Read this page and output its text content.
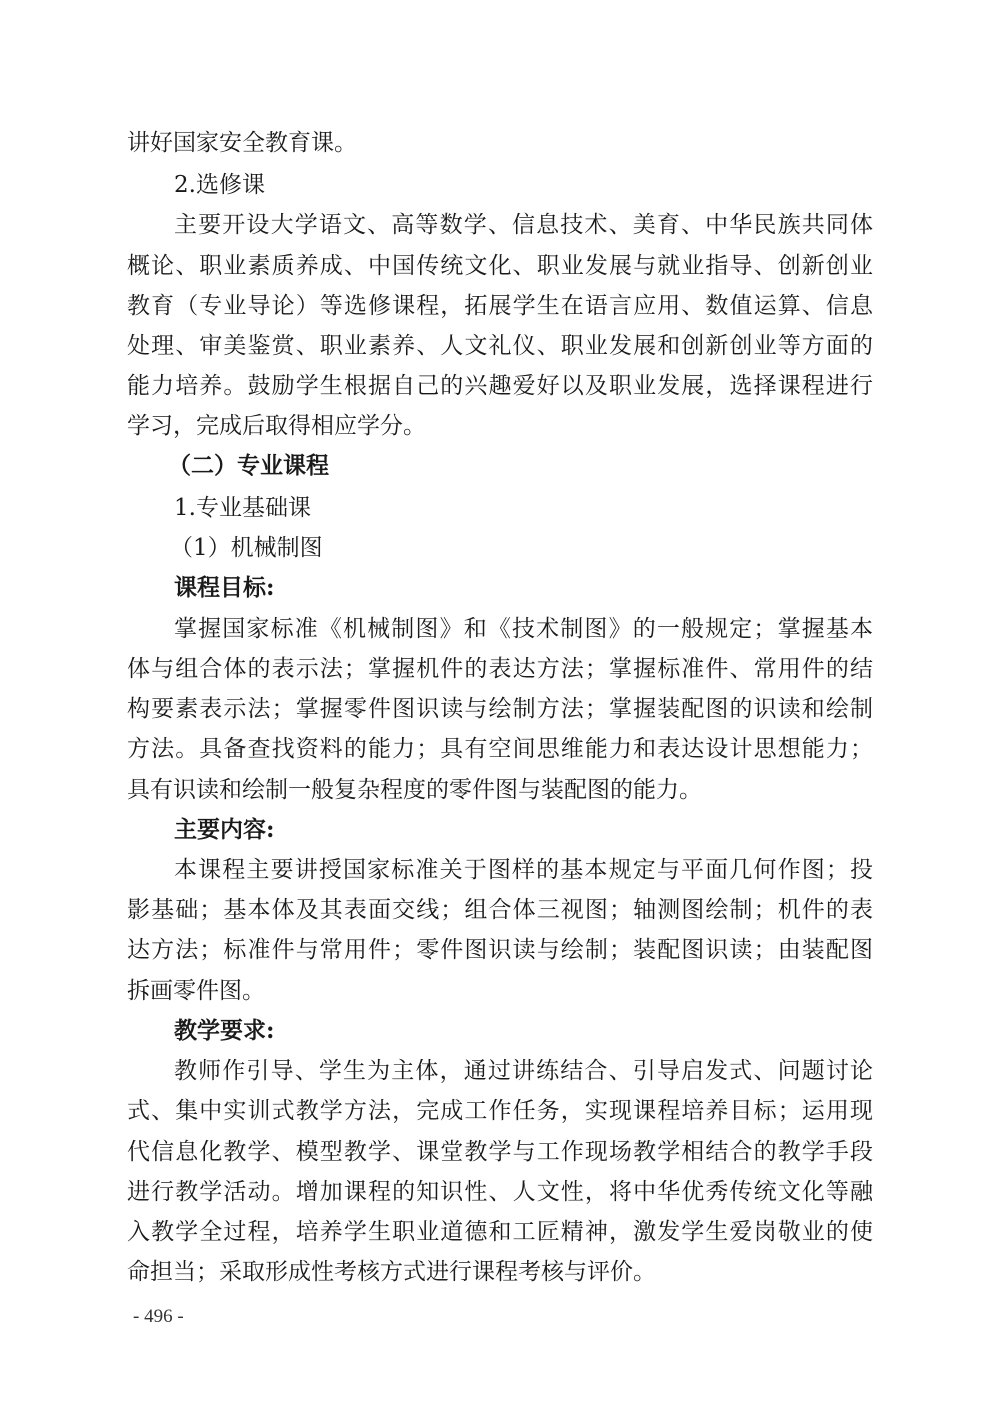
讲好国家安全教育课。
2.选修课
主要开设大学语文、高等数学、信息技术、美育、中华民族共同体
概论、职业素质养成、中国传统文化、职业发展与就业指导、创新创业
教育（专业导论）等选修课程，拓展学生在语言应用、数值运算、信息
处理、审美鉴赏、职业素养、人文礼仪、职业发展和创新创业等方面的
能力培养。鼓励学生根据自己的兴趣爱好以及职业发展，选择课程进行
学习，完成后取得相应学分。
（二）专业课程
1.专业基础课
（1）机械制图
课程目标:
掌握国家标准《机械制图》和《技术制图》的一般规定；掌握基本
体与组合体的表示法；掌握机件的表达方法；掌握标准件、常用件的结
构要素表示法；掌握零件图识读与绘制方法；掌握装配图的识读和绘制
方法。具备查找资料的能力；具有空间思维能力和表达设计思想能力；
具有识读和绘制一般复杂程度的零件图与装配图的能力。
主要内容:
本课程主要讲授国家标准关于图样的基本规定与平面几何作图；投
影基础；基本体及其表面交线；组合体三视图；轴测图绘制；机件的表
达方法；标准件与常用件；零件图识读与绘制；装配图识读；由装配图
拆画零件图。
教学要求:
教师作引导、学生为主体，通过讲练结合、引导启发式、问题讨论
式、集中实训式教学方法，完成工作任务，实现课程培养目标；运用现
代信息化教学、模型教学、课堂教学与工作现场教学相结合的教学手段
进行教学活动。增加课程的知识性、人文性，将中华优秀传统文化等融
入教学全过程，培养学生职业道德和工匠精神，激发学生爱岗敬业的使
命担当；采取形成性考核方式进行课程考核与评价。
- 496 -
